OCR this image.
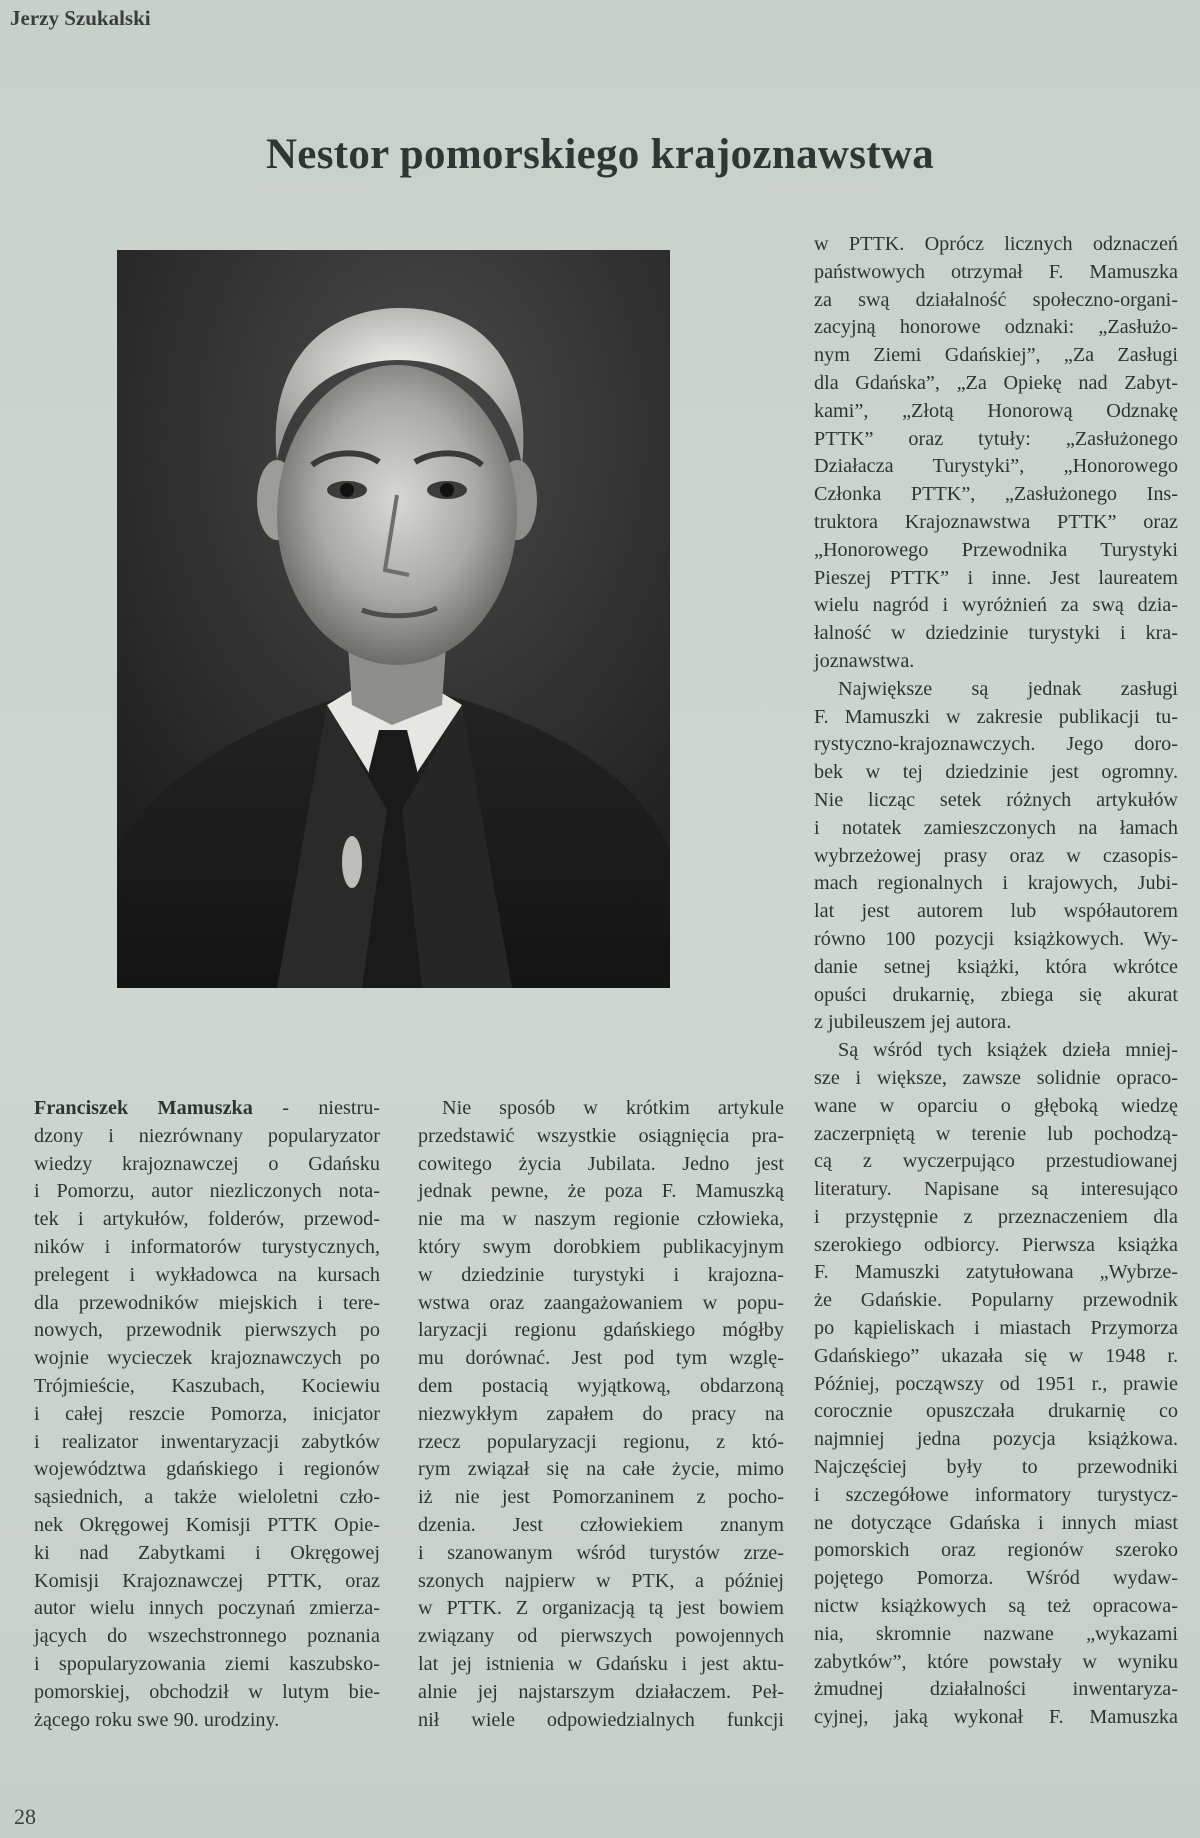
Jerzy Szukalski
Nestor pomorskiego krajoznawstwa
Franciszek Mamuszka - niestru-
dzony i niezrównany popularyzator
wiedzy krajoznawczej o Gdańsku
i Pomorzu, autor niezliczonych nota-
tek i artykułów, folderów, przewod-
ników i informatorów turystycznych,
prelegent i wykładowca na kursach
dla przewodników miejskich i tere-
nowych, przewodnik pierwszych po
wojnie wycieczek krajoznawczych po
Trójmieście, Kaszubach, Kociewiu
i całej reszcie Pomorza, inicjator
i realizator inwentaryzacji zabytków
województwa gdańskiego i regionów
sąsiednich, a także wieloletni czło-
nek Okręgowej Komisji PTTK Opie-
ki nad Zabytkami i Okręgowej
Komisji Krajoznawczej PTTK, oraz
autor wielu innych poczynań zmierza-
jących do wszechstronnego poznania
i spopularyzowania ziemi kaszubsko-
pomorskiej, obchodził w lutym bie-
żącego roku swe 90. urodziny.
Nie sposób w krótkim artykule
przedstawić wszystkie osiągnięcia pra-
cowitego życia Jubilata. Jedno jest
jednak pewne, że poza F. Mamuszką
nie ma w naszym regionie człowieka,
który swym dorobkiem publikacyjnym
w dziedzinie turystyki i krajozna-
wstwa oraz zaangażowaniem w popu-
laryzacji regionu gdańskiego mógłby
mu dorównać. Jest pod tym wzglę-
dem postacią wyjątkową, obdarzoną
niezwykłym zapałem do pracy na
rzecz popularyzacji regionu, z któ-
rym związał się na całe życie, mimo
iż nie jest Pomorzaninem z pocho-
dzenia. Jest człowiekiem znanym
i szanowanym wśród turystów zrze-
szonych najpierw w PTK, a później
w PTTK. Z organizacją tą jest bowiem
związany od pierwszych powojennych
lat jej istnienia w Gdańsku i jest aktu-
alnie jej najstarszym działaczem. Peł-
nił wiele odpowiedzialnych funkcji
w PTTK. Oprócz licznych odznaczeń
państwowych otrzymał F. Mamuszka
za swą działalność społeczno-organi-
zacyjną honorowe odznaki: „Zasłużo-
nym Ziemi Gdańskiej”, „Za Zasługi
dla Gdańska”, „Za Opiekę nad Zabyt-
kami”, „Złotą Honorową Odznakę
PTTK” oraz tytuły: „Zasłużonego
Działacza Turystyki”, „Honorowego
Członka PTTK”, „Zasłużonego Ins-
truktora Krajoznawstwa PTTK” oraz
„Honorowego Przewodnika Turystyki
Pieszej PTTK” i inne. Jest laureatem
wielu nagród i wyróżnień za swą dzia-
łalność w dziedzinie turystyki i kra-
joznawstwa.
Największe są jednak zasługi
F. Mamuszki w zakresie publikacji tu-
rystyczno-krajoznawczych. Jego doro-
bek w tej dziedzinie jest ogromny.
Nie licząc setek różnych artykułów
i notatek zamieszczonych na łamach
wybrzeżowej prasy oraz w czasopis-
mach regionalnych i krajowych, Jubi-
lat jest autorem lub współautorem
równo 100 pozycji książkowych. Wy-
danie setnej książki, która wkrótce
opuści drukarnię, zbiega się akurat
z jubileuszem jej autora.
Są wśród tych książek dzieła mniej-
sze i większe, zawsze solidnie opraco-
wane w oparciu o głęboką wiedzę
zaczerpniętą w terenie lub pochodzą-
cą z wyczerpująco przestudiowanej
literatury. Napisane są interesująco
i przystępnie z przeznaczeniem dla
szerokiego odbiorcy. Pierwsza książka
F. Mamuszki zatytułowana „Wybrze-
że Gdańskie. Popularny przewodnik
po kąpieliskach i miastach Przymorza
Gdańskiego” ukazała się w 1948 r.
Później, począwszy od 1951 r., prawie
corocznie opuszczała drukarnię co
najmniej jedna pozycja książkowa.
Najczęściej były to przewodniki
i szczegółowe informatory turystycz-
ne dotyczące Gdańska i innych miast
pomorskich oraz regionów szeroko
pojętego Pomorza. Wśród wydaw-
nictw książkowych są też opracowa-
nia, skromnie nazwane „wykazami
zabytków”, które powstały w wyniku
żmudnej działalności inwentaryza-
cyjnej, jaką wykonał F. Mamuszka
28
